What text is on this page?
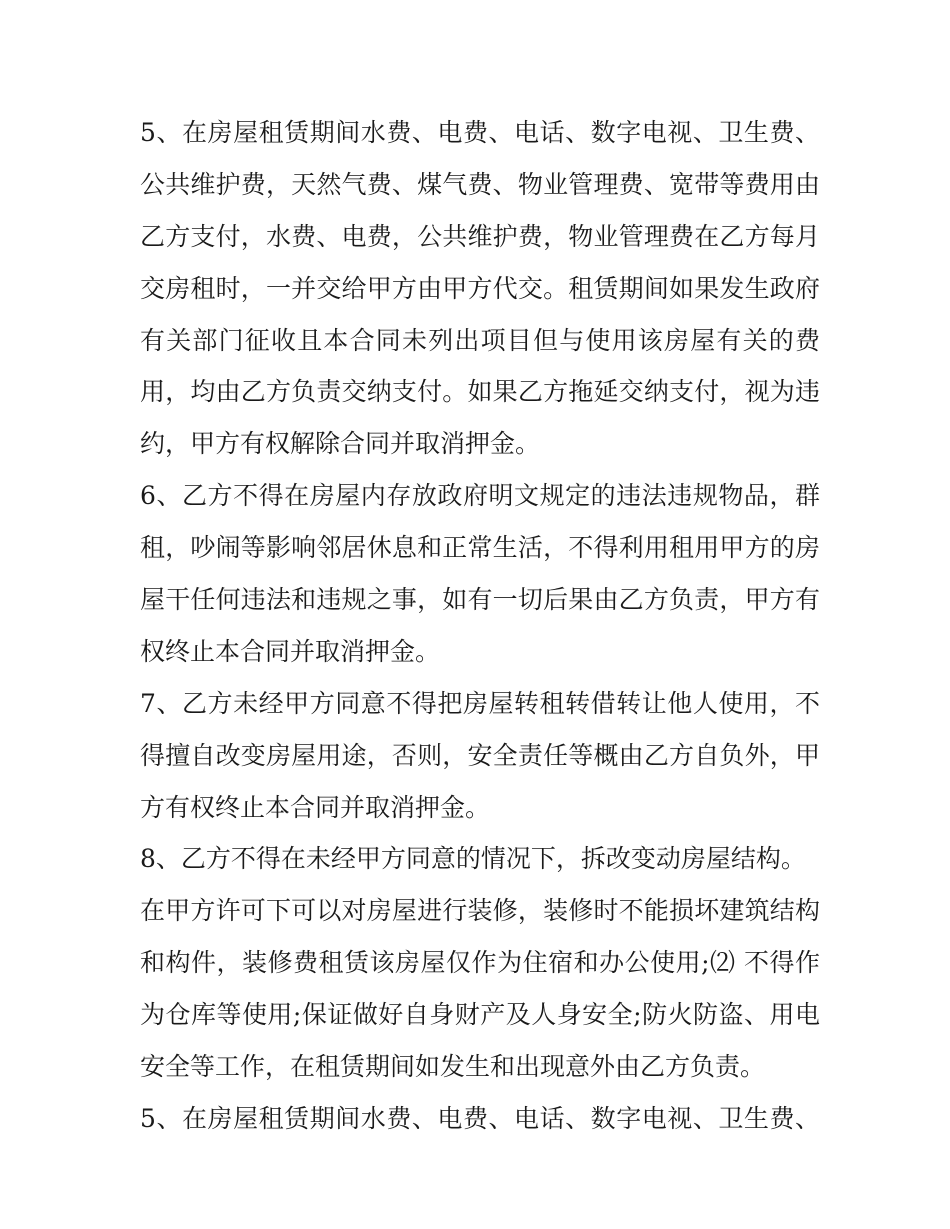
5、在房屋租赁期间水费、电费、电话、数字电视、卫生费、
公共维护费，天然气费、煤气费、物业管理费、宽带等费用由
乙方支付，水费、电费，公共维护费，物业管理费在乙方每月
交房租时，一并交给甲方由甲方代交。租赁期间如果发生政府
有关部门征收且本合同未列出项目但与使用该房屋有关的费
用，均由乙方负责交纳支付。如果乙方拖延交纳支付，视为违
约，甲方有权解除合同并取消押金。
6、乙方不得在房屋内存放政府明文规定的违法违规物品，群
租，吵闹等影响邻居休息和正常生活，不得利用租用甲方的房
屋干任何违法和违规之事，如有一切后果由乙方负责，甲方有
权终止本合同并取消押金。
7、乙方未经甲方同意不得把房屋转租转借转让他人使用，不
得擅自改变房屋用途，否则，安全责任等概由乙方自负外，甲
方有权终止本合同并取消押金。
8、乙方不得在未经甲方同意的情况下，拆改变动房屋结构。
在甲方许可下可以对房屋进行装修，装修时不能损坏建筑结构
和构件，装修费租赁该房屋仅作为住宿和办公使用;⑵ 不得作
为仓库等使用;保证做好自身财产及人身安全;防火防盗、用电
安全等工作，在租赁期间如发生和出现意外由乙方负责。
5、在房屋租赁期间水费、电费、电话、数字电视、卫生费、
